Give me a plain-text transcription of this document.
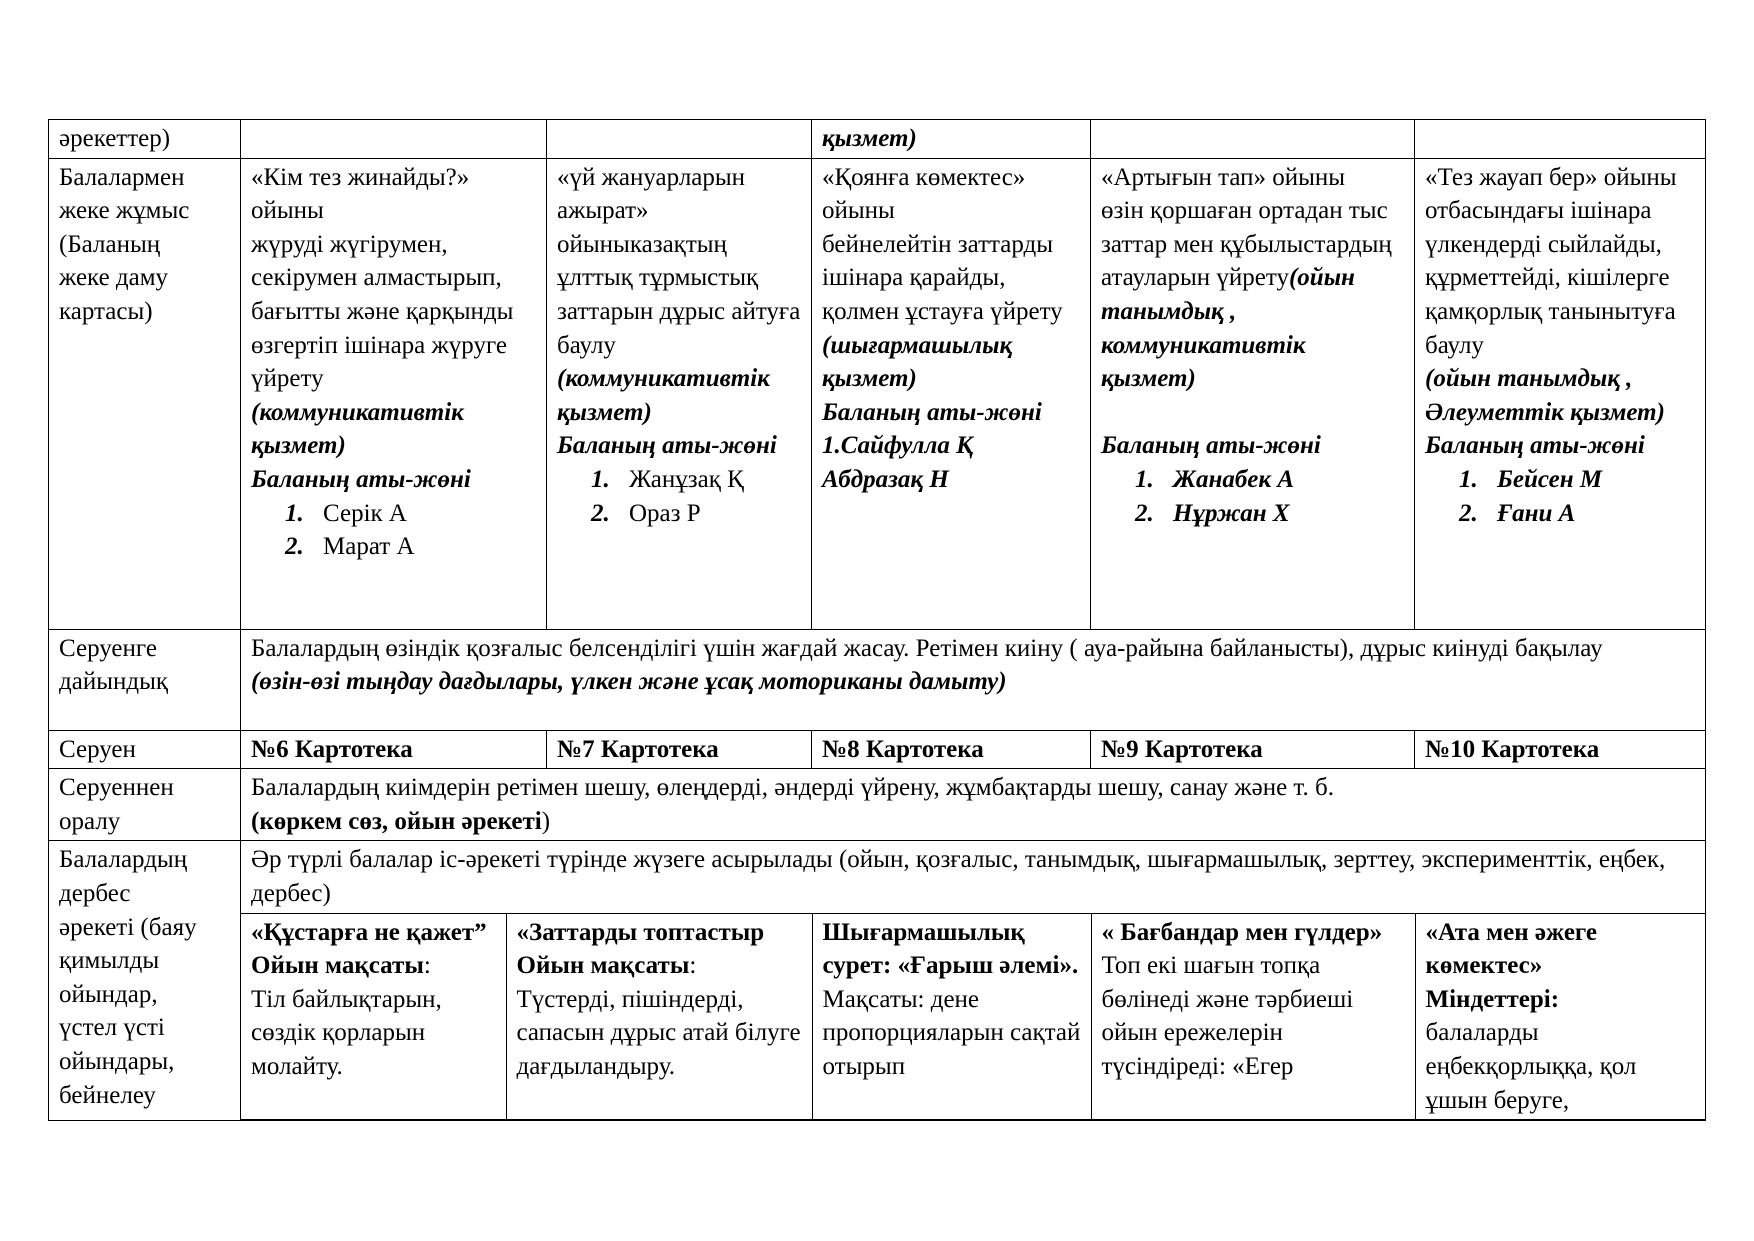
әрекеттер)			қызмет)		

Балалармен
жеке жұмыс
(Баланың
жеке даму
картасы)
	«Кім тез жинайды?» ойыны
жүруді жүгірумен, секірумен алмастырып, бағытты және қарқынды өзгертіп ішінара жүруге үйрету
(коммуникативтік қызмет)
Баланың аты-жөні
Серік А
Марат А
	«үй жануарларын ажырат» ойыныказақтың ұлттық тұрмыстық заттарын дұрыс айтуға баулу
(коммуникативтік қызмет)
Баланың аты-жөні
Жанұзақ Қ
Ораз Р
	«Қоянға көмектес» ойыны
бейнелейтін заттарды ішінара қарайды, қолмен ұстауға үйрету
(шығармашылық қызмет)
Баланың аты-жөні
1.Сайфулла Қ
Абдразақ Н	«Артығын тап» ойыны
өзін қоршаған ортадан тыс заттар мен құбылыстардың атауларын үйрету(ойын танымдық , коммуникативтік қызмет)

Баланың аты-жөні
Жанабек А
Нұржан Х
	«Тез жауап бер» ойыны
отбасындағы ішінара үлкендерді сыйлайды, құрметтейді, кішілерге қамқорлық танынытуға баулу
(ойын танымдық , Әлеуметтік қызмет)
Баланың аты-жөні
Бейсен М
Ғани А

Серуенге
дайындық
	Балалардың өзіндік қозғалыс белсенділігі үшін жағдай жасау. Ретімен киіну ( ауа-райына байланысты), дұрыс киінуді бақылау
(өзін-өзі тыңдау дағдылары, үлкен және ұсақ моториканы дамыту)
Серуен	№6 Картотека	№7 Картотека	№8 Картотека	№9 Картотека	№10 Картотека

Серуеннен
оралу
	Балалардың киімдерін ретімен шешу, өлеңдерді, әндерді үйрену, жұмбақтарды шешу, санау және т. б.
(көркем сөз, ойын әрекеті)

Балалардың
дербес
әрекеті (баяу
қимылды
ойындар,
үстел үсті
ойындары,
бейнелеу

Әр түрлі балалар іс-әрекеті түрінде жүзеге асырылады (ойын, қозғалыс, танымдық, шығармашылық, зерттеу, эксперименттік, еңбек, дербес)
«Құстарға не қажет”
Ойын мақсаты:
Тіл байлықтарын, сөздік қорларын молайту.	«Заттарды топтастыр
Ойын мақсаты:
Түстерді, пішіндерді, сапасын дұрыс атай білуге дағдыландыру.	Шығармашылық сурет: «Ғарыш әлемі».
Мақсаты: дене пропорцияларын сақтай отырып	« Бағбандар мен гүлдер»
Топ екі шағын топқа бөлінеді және тәрбиеші ойын ережелерін түсіндіреді: «Егер	«Ата мен әжеге көмектес»
Міндеттері:
балаларды еңбекқорлыққа, қол ұшын беруге,
